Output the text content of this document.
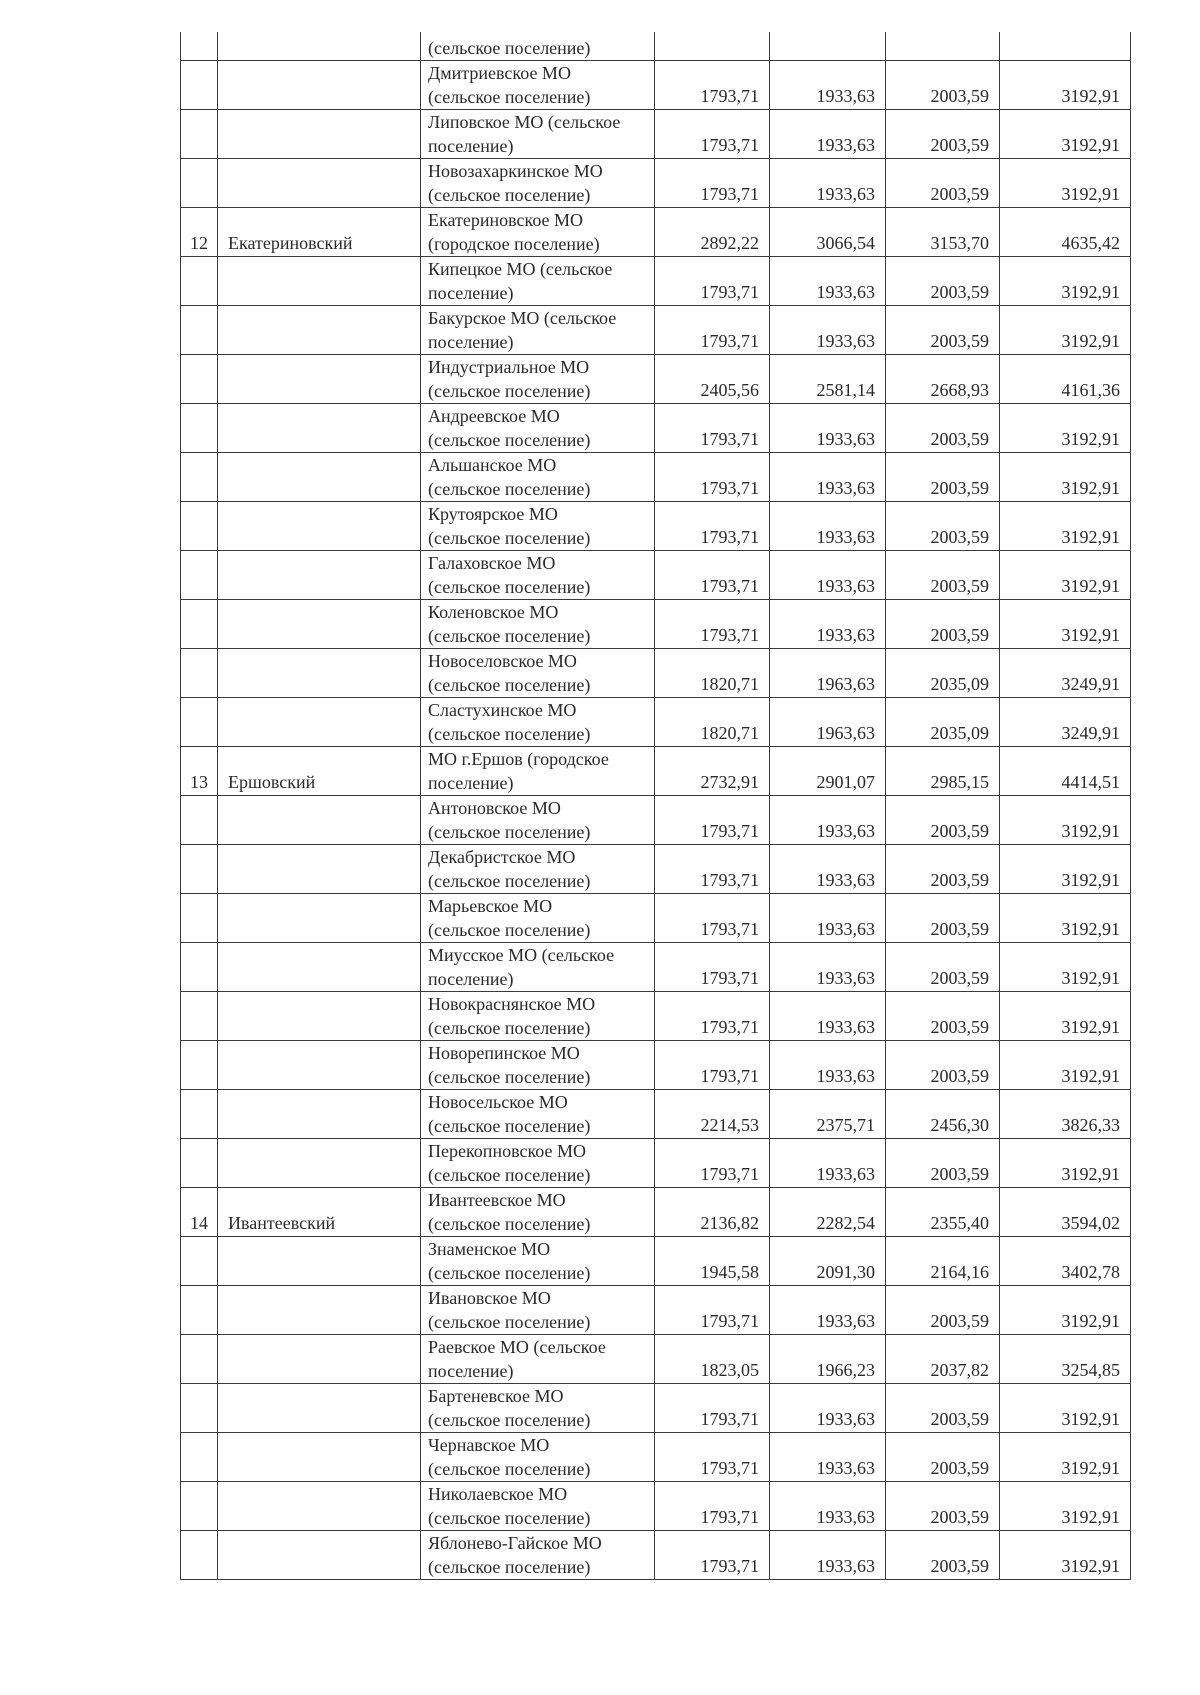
		(сельское поселение)				
		Дмитриевское МО
(сельское поселение)	1793,71	1933,63	2003,59	3192,91
		Липовское МО (сельское
поселение)	1793,71	1933,63	2003,59	3192,91
		Новозахаркинское МО
(сельское поселение)	1793,71	1933,63	2003,59	3192,91
12	Екатериновский	Екатериновское МО
(городское поселение)	2892,22	3066,54	3153,70	4635,42
		Кипецкое МО (сельское
поселение)	1793,71	1933,63	2003,59	3192,91
		Бакурское МО (сельское
поселение)	1793,71	1933,63	2003,59	3192,91
		Индустриальное МО
(сельское поселение)	2405,56	2581,14	2668,93	4161,36
		Андреевское МО
(сельское поселение)	1793,71	1933,63	2003,59	3192,91
		Альшанское МО
(сельское поселение)	1793,71	1933,63	2003,59	3192,91
		Крутоярское МО
(сельское поселение)	1793,71	1933,63	2003,59	3192,91
		Галаховское МО
(сельское поселение)	1793,71	1933,63	2003,59	3192,91
		Коленовское МО
(сельское поселение)	1793,71	1933,63	2003,59	3192,91
		Новоселовское МО
(сельское поселение)	1820,71	1963,63	2035,09	3249,91
		Сластухинское МО
(сельское поселение)	1820,71	1963,63	2035,09	3249,91
13	Ершовский	МО г.Ершов (городское
поселение)	2732,91	2901,07	2985,15	4414,51
		Антоновское МО
(сельское поселение)	1793,71	1933,63	2003,59	3192,91
		Декабристское МО
(сельское поселение)	1793,71	1933,63	2003,59	3192,91
		Марьевское МО
(сельское поселение)	1793,71	1933,63	2003,59	3192,91
		Миусское МО (сельское
поселение)	1793,71	1933,63	2003,59	3192,91
		Новокраснянское МО
(сельское поселение)	1793,71	1933,63	2003,59	3192,91
		Новорепинское МО
(сельское поселение)	1793,71	1933,63	2003,59	3192,91
		Новосельское МО
(сельское поселение)	2214,53	2375,71	2456,30	3826,33
		Перекопновское МО
(сельское поселение)	1793,71	1933,63	2003,59	3192,91
14	Ивантеевский	Ивантеевское МО
(сельское поселение)	2136,82	2282,54	2355,40	3594,02
		Знаменское МО
(сельское поселение)	1945,58	2091,30	2164,16	3402,78
		Ивановское МО
(сельское поселение)	1793,71	1933,63	2003,59	3192,91
		Раевское МО (сельское
поселение)	1823,05	1966,23	2037,82	3254,85
		Бартеневское МО
(сельское поселение)	1793,71	1933,63	2003,59	3192,91
		Чернавское МО
(сельское поселение)	1793,71	1933,63	2003,59	3192,91
		Николаевское МО
(сельское поселение)	1793,71	1933,63	2003,59	3192,91
		Яблонево-Гайское МО
(сельское поселение)	1793,71	1933,63	2003,59	3192,91
